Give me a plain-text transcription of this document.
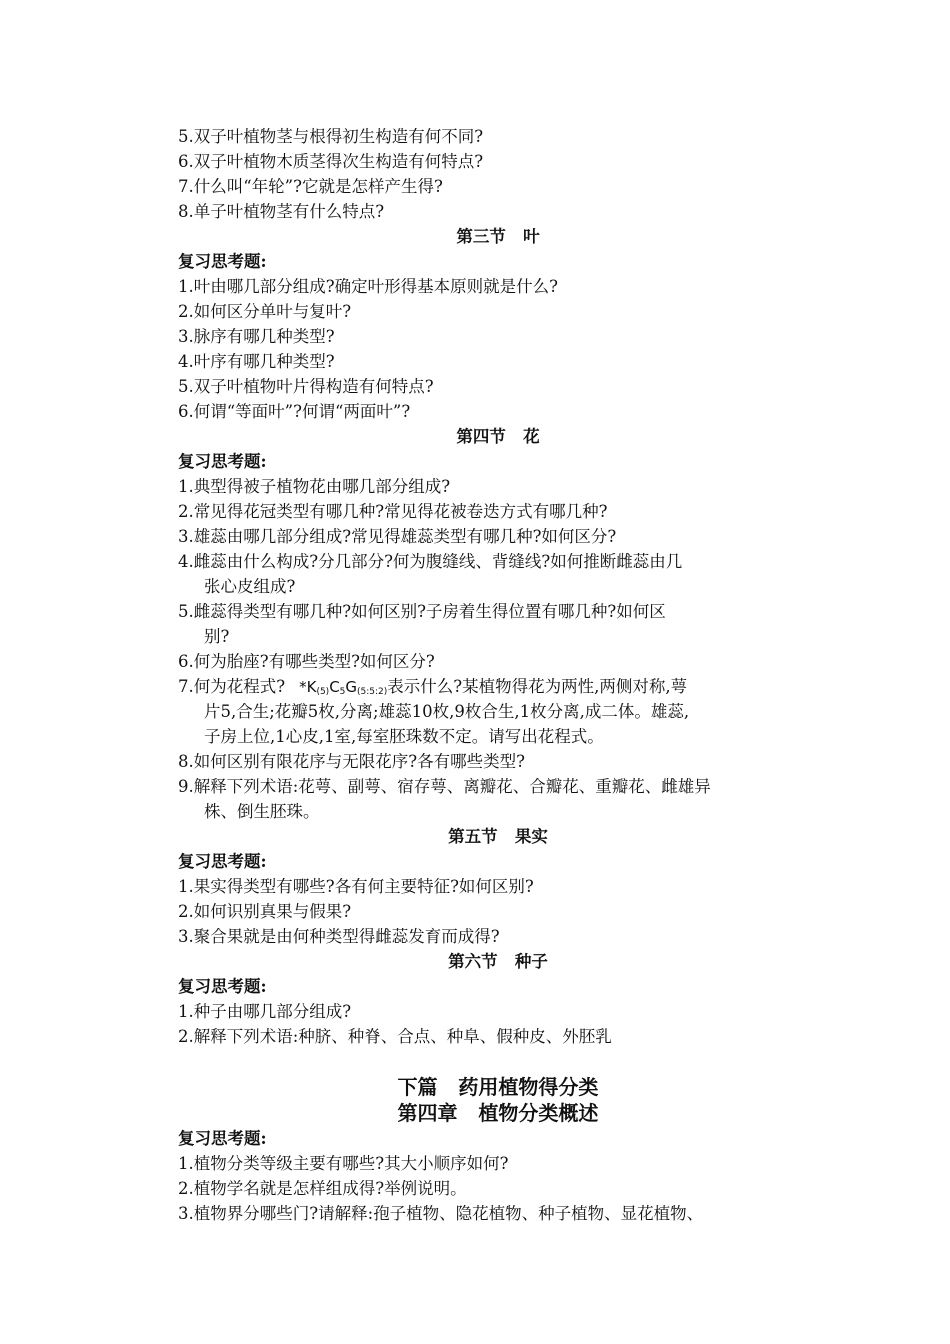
5.双子叶植物茎与根得初生构造有何不同?
6.双子叶植物木质茎得次生构造有何特点?
7.什么叫“年轮”?它就是怎样产生得?
8.单子叶植物茎有什么特点?
第三节   叶
复习思考题:
1.叶由哪几部分组成?确定叶形得基本原则就是什么?
2.如何区分单叶与复叶?
3.脉序有哪几种类型?
4.叶序有哪几种类型?
5.双子叶植物叶片得构造有何特点?
6.何谓“等面叶”?何谓“两面叶”?
第四节   花
复习思考题:
1.典型得被子植物花由哪几部分组成?
2.常见得花冠类型有哪几种?常见得花被卷迭方式有哪几种?
3.雄蕊由哪几部分组成?常见得雄蕊类型有哪几种?如何区分?
4.雌蕊由什么构成?分几部分?何为腹缝线、背缝线?如何推断雌蕊由几
张心皮组成?
5.雌蕊得类型有哪几种?如何区别?子房着生得位置有哪几种?如何区
别?
6.何为胎座?有哪些类型?如何区分?
7.何为花程式? $*K_{(5)}C_5G_{(5:5:2)}$表示什么?某植物得花为两性,两侧对称,萼
片5,合生;花瓣5枚,分离;雄蕊10枚,9枚合生,1枚分离,成二体。雄蕊,
子房上位,1心皮,1室,每室胚珠数不定。请写出花程式。
8.如何区别有限花序与无限花序?各有哪些类型?
9.解释下列术语:花萼、副萼、宿存萼、离瓣花、合瓣花、重瓣花、雌雄异
株、倒生胚珠。
第五节   果实
复习思考题:
1.果实得类型有哪些?各有何主要特征?如何区别?
2.如何识别真果与假果?
3.聚合果就是由何种类型得雌蕊发育而成得?
第六节   种子
复习思考题:
1.种子由哪几部分组成?
2.解释下列术语:种脐、种脊、合点、种阜、假种皮、外胚乳
下篇   药用植物得分类
第四章   植物分类概述
复习思考题:
1.植物分类等级主要有哪些?其大小顺序如何?
2.植物学名就是怎样组成得?举例说明。
3.植物界分哪些门?请解释:孢子植物、隐花植物、种子植物、显花植物、
